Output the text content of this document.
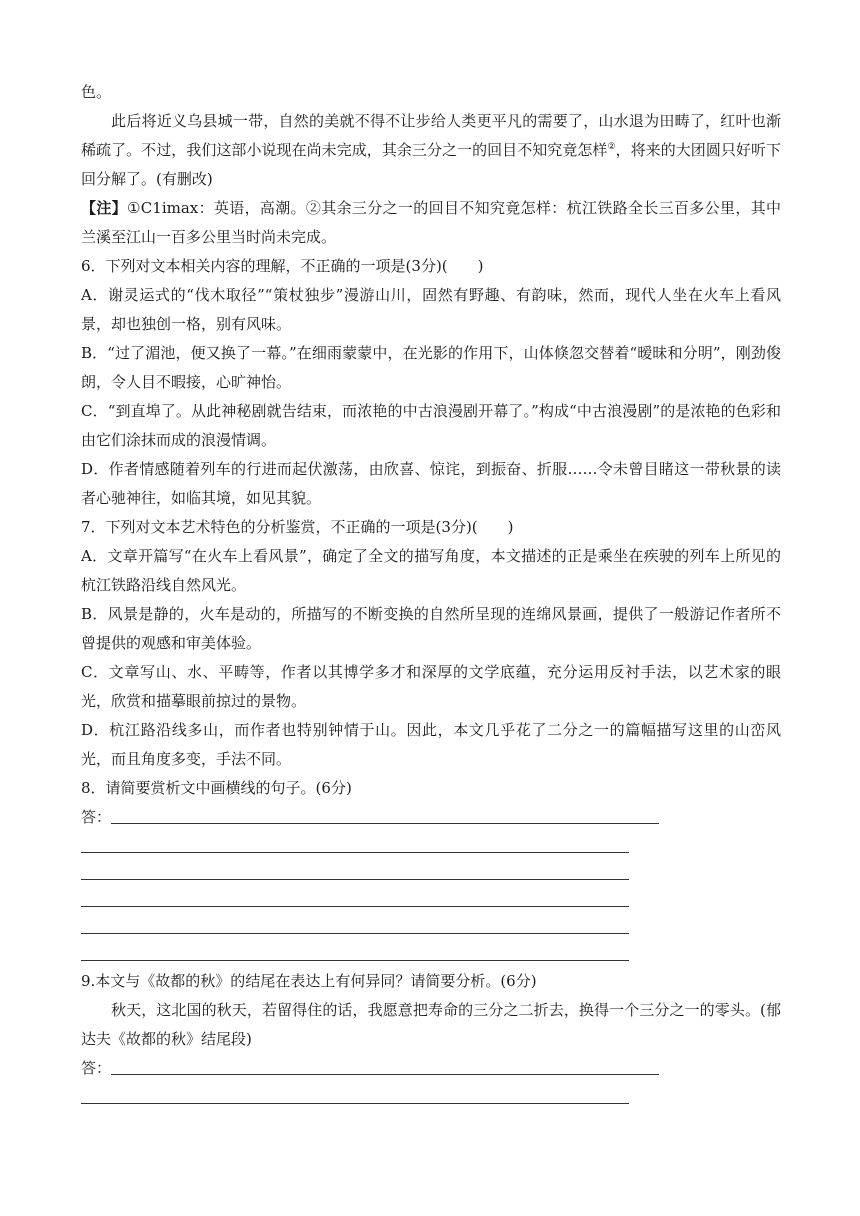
色。
此后将近义乌县城一带，自然的美就不得不让步给人类更平凡的需要了，山水退为田畴了，红叶也渐稀疏了。不过，我们这部小说现在尚未完成，其余三分之一的回目不知究竟怎样②，将来的大团圆只好听下回分解了。(有删改)
【注】①C1imax：英语，高潮。②其余三分之一的回目不知究竟怎样：杭江铁路全长三百多公里，其中兰溪至江山一百多公里当时尚未完成。
6．下列对文本相关内容的理解，不正确的一项是(3分)(　　)
A．谢灵运式的“伐木取径”“策杖独步”漫游山川，固然有野趣、有韵味，然而，现代人坐在火车上看风景，却也独创一格，别有风味。
B．“过了湄池，便又换了一幕。”在细雨蒙蒙中，在光影的作用下，山体倏忽交替着“暧昧和分明”，刚劲俊朗，令人目不暇接，心旷神怡。
C．“到直埠了。从此神秘剧就告结束，而浓艳的中古浪漫剧开幕了。”构成“中古浪漫剧”的是浓艳的色彩和由它们涂抹而成的浪漫情调。
D．作者情感随着列车的行进而起伏激荡，由欣喜、惊诧，到振奋、折服……令未曾目睹这一带秋景的读者心驰神往，如临其境，如见其貌。
7．下列对文本艺术特色的分析鉴赏，不正确的一项是(3分)(　　)
A．文章开篇写“在火车上看风景”，确定了全文的描写角度，本文描述的正是乘坐在疾驶的列车上所见的杭江铁路沿线自然风光。
B．风景是静的，火车是动的，所描写的不断变换的自然所呈现的连绵风景画，提供了一般游记作者所不曾提供的观感和审美体验。
C．文章写山、水、平畴等，作者以其博学多才和深厚的文学底蕴，充分运用反衬手法，以艺术家的眼光，欣赏和描摹眼前掠过的景物。
D．杭江路沿线多山，而作者也特别钟情于山。因此，本文几乎花了二分之一的篇幅描写这里的山峦风光，而且角度多变，手法不同。
8．请简要赏析文中画横线的句子。(6分)
答：
9.本文与《故都的秋》的结尾在表达上有何异同？请简要分析。(6分)
秋天，这北国的秋天，若留得住的话，我愿意把寿命的三分之二折去，换得一个三分之一的零头。(郁达夫《故都的秋》结尾段)
答：
